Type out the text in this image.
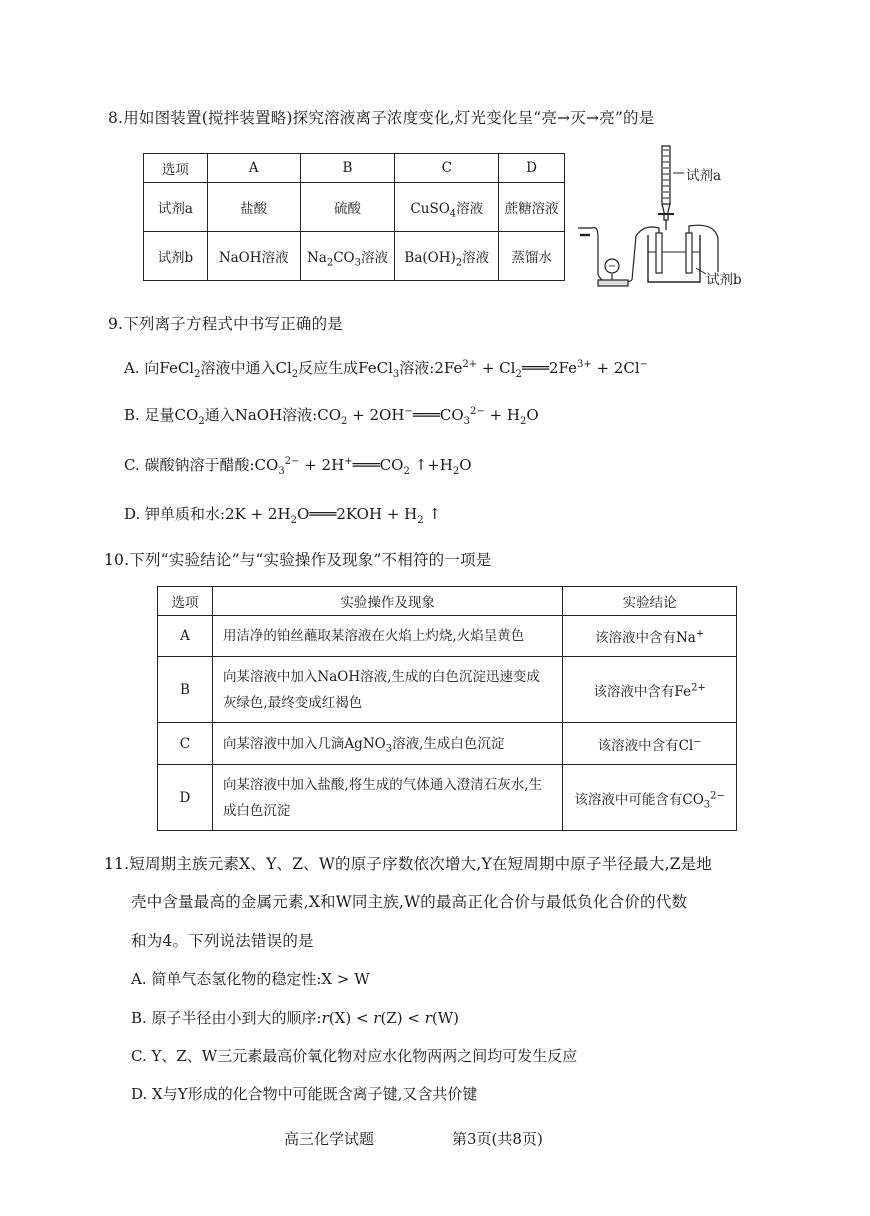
8.用如图装置(搅拌装置略)探究溶液离子浓度变化,灯光变化呈“亮→灭→亮”的是
选项	A	B	C	D
试剂a	盐酸	硫酸	CuSO$_4$溶液	蔗糖溶液
试剂b	NaOH溶液	$Na_2CO_3$溶液	$Ba(OH)_2$溶液	蒸馏水
试剂a
试剂b
9.下列离子方程式中书写正确的是
A. 向FeCl$_2$溶液中通入$Cl_2$反应生成FeCl$_3$溶液$:2Fe^{2+}$ + $Cl_2═══2Fe^{3+} + 2Cl^-$
B. 足量$CO_2$通入NaOH溶液$:CO_2$ + $2OH^-═══CO_3^{2-} + H_2O$
C. 碳酸钠溶于醋酸$:CO_3^{2-}$ + $2H^+═══CO_2$ $↑+H_2O$
D. 钾单质和水:2K + $2H_2O═══2KOH + H_2$ ↑
10.下列“实验结论”与“实验操作及现象”不相符的一项是
选项	实验操作及现象	实验结论
A	用洁净的铂丝蘸取某溶液在火焰上灼烧,火焰呈黄色	该溶液中含有Na+
B	向某溶液中加入NaOH溶液,生成的白色沉淀迅速变成灰绿色,最终变成红褐色	该溶液中含有$Fe^{2+}$
C	向某溶液中加入几滴AgNO$_3$溶液,生成白色沉淀	该溶液中含有Cl−
D	向某溶液中加入盐酸,将生成的气体通入澄清石灰水,生成白色沉淀	该溶液中可能含有$CO_3^{2-}$
11.短周期主族元素X、Y、Z、W的原子序数依次增大,Y在短周期中原子半径最大,Z是地
壳中含量最高的金属元素,X和W同主族,W的最高正化合价与最低负化合价的代数
和为4。下列说法错误的是
A. 简单气态氢化物的稳定性:X > W
B. 原子半径由小到大的顺序:r(X) < r(Z) < r(W)
C. Y、Z、W三元素最高价氧化物对应水化物两两之间均可发生反应
D. X与Y形成的化合物中可能既含离子键,又含共价键
高三化学试题	第3页(共8页)
